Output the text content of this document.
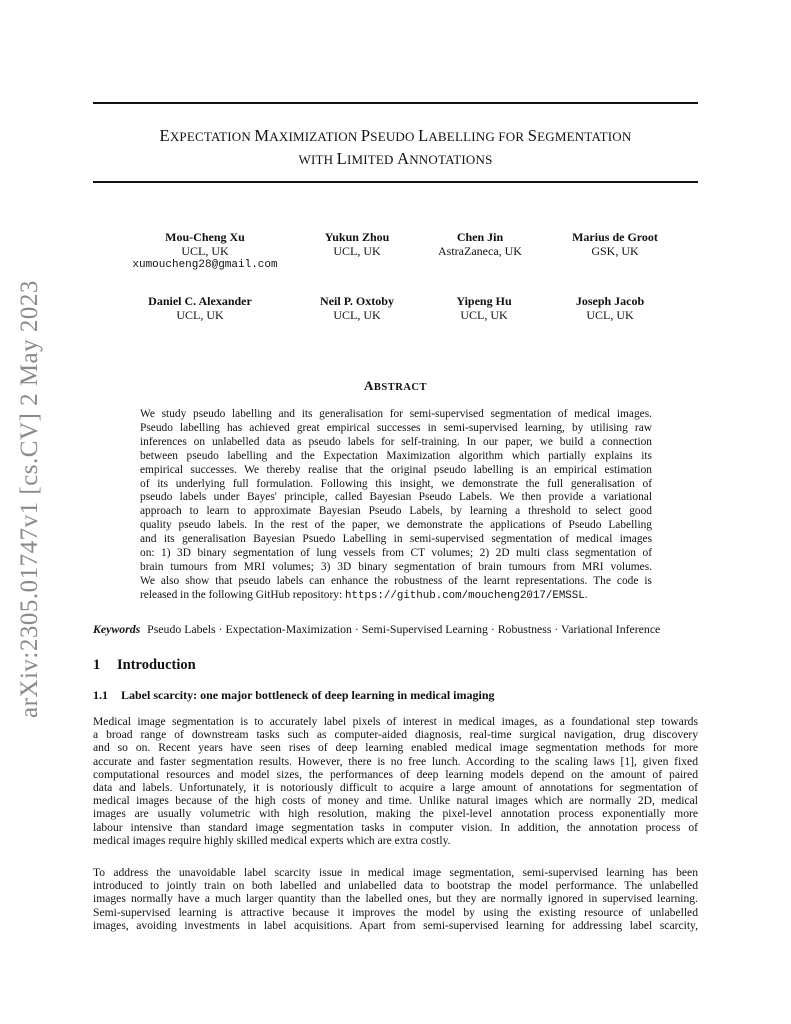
EXPECTATION MAXIMIZATION PSEUDO LABELLING FOR SEGMENTATION
WITH LIMITED ANNOTATIONS
arXiv:2305.01747v1 [cs.CV] 2 May 2023
Mou-Cheng Xu
UCL, UK
xumoucheng28@gmail.com
Yukun Zhou
UCL, UK
Chen Jin
AstraZaneca, UK
Marius de Groot
GSK, UK
Daniel C. Alexander
UCL, UK
Neil P. Oxtoby
UCL, UK
Yipeng Hu
UCL, UK
Joseph Jacob
UCL, UK
ABSTRACT
We study pseudo labelling and its generalisation for semi-supervised segmentation of medical images.
Pseudo labelling has achieved great empirical successes in semi-supervised learning, by utilising raw
inferences on unlabelled data as pseudo labels for self-training. In our paper, we build a connection
between pseudo labelling and the Expectation Maximization algorithm which partially explains its
empirical successes. We thereby realise that the original pseudo labelling is an empirical estimation
of its underlying full formulation. Following this insight, we demonstrate the full generalisation of
pseudo labels under Bayes' principle, called Bayesian Pseudo Labels. We then provide a variational
approach to learn to approximate Bayesian Pseudo Labels, by learning a threshold to select good
quality pseudo labels. In the rest of the paper, we demonstrate the applications of Pseudo Labelling
and its generalisation Bayesian Psuedo Labelling in semi-supervised segmentation of medical images
on: 1) 3D binary segmentation of lung vessels from CT volumes; 2) 2D multi class segmentation of
brain tumours from MRI volumes; 3) 3D binary segmentation of brain tumours from MRI volumes.
We also show that pseudo labels can enhance the robustness of the learnt representations. The code is
released in the following GitHub repository: https://github.com/moucheng2017/EMSSL.
Keywords Pseudo Labels · Expectation-Maximization · Semi-Supervised Learning · Robustness · Variational Inference
1 Introduction
1.1 Label scarcity: one major bottleneck of deep learning in medical imaging
Medical image segmentation is to accurately label pixels of interest in medical images, as a foundational step towards
a broad range of downstream tasks such as computer-aided diagnosis, real-time surgical navigation, drug discovery
and so on. Recent years have seen rises of deep learning enabled medical image segmentation methods for more
accurate and faster segmentation results. However, there is no free lunch. According to the scaling laws [1], given fixed
computational resources and model sizes, the performances of deep learning models depend on the amount of paired
data and labels. Unfortunately, it is notoriously difficult to acquire a large amount of annotations for segmentation of
medical images because of the high costs of money and time. Unlike natural images which are normally 2D, medical
images are usually volumetric with high resolution, making the pixel-level annotation process exponentially more
labour intensive than standard image segmentation tasks in computer vision. In addition, the annotation process of
medical images require highly skilled medical experts which are extra costly.
To address the unavoidable label scarcity issue in medical image segmentation, semi-supervised learning has been
introduced to jointly train on both labelled and unlabelled data to bootstrap the model performance. The unlabelled
images normally have a much larger quantity than the labelled ones, but they are normally ignored in supervised learning.
Semi-supervised learning is attractive because it improves the model by using the existing resource of unlabelled
images, avoiding investments in label acquisitions. Apart from semi-supervised learning for addressing label scarcity,
